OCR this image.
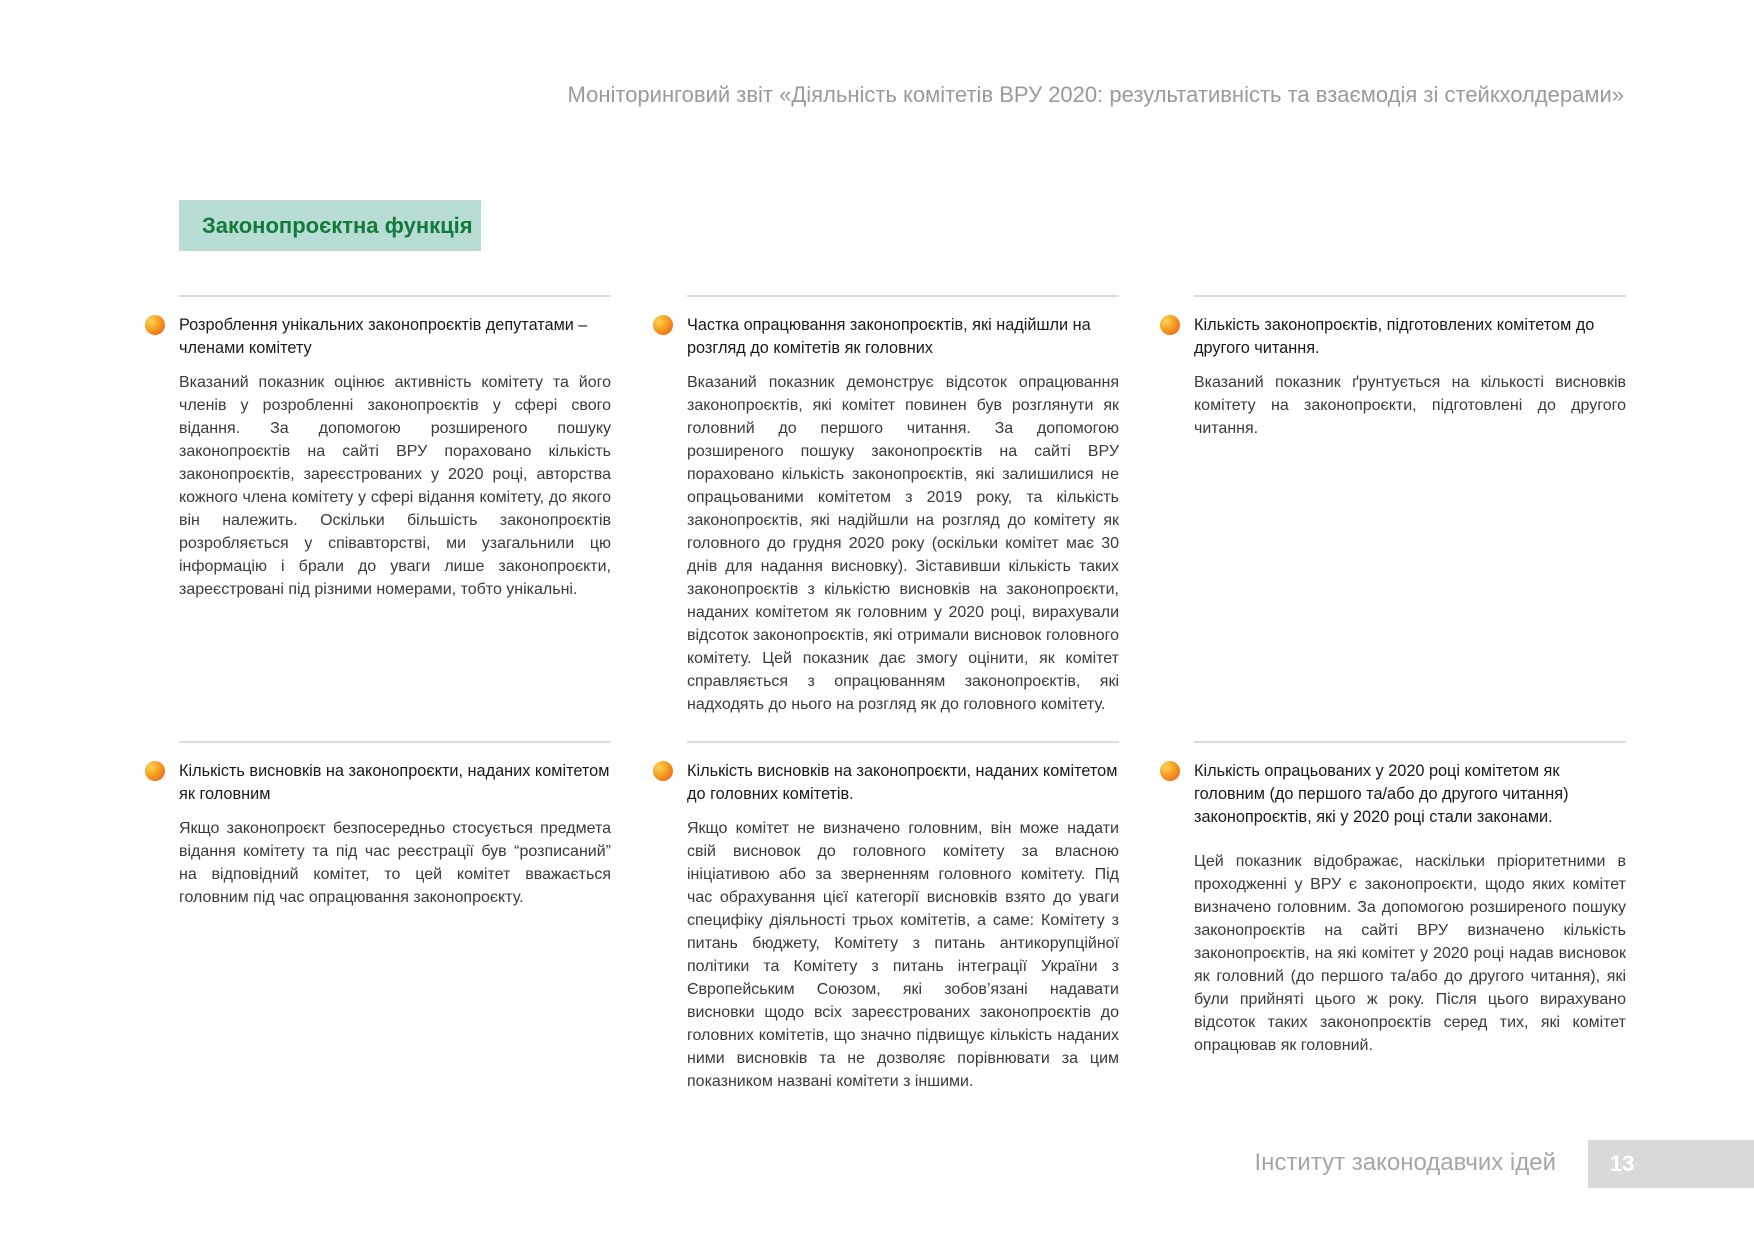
Моніторинговий звіт «Діяльність комітетів ВРУ 2020: результативність та взаємодія зі стейкхолдерами»
Законопроєктна функція

Розроблення унікальних законопроєктів депутатами – членами комітету

Вказаний показник оцінює активність комітету та його членів у розробленні законопроєктів у сфері свого відання. За допомогою розширеного пошуку законопроєктів на сайті ВРУ пораховано кількість законопроєктів, зареєстрованих у 2020 році, авторства кожного члена комітету у сфері відання комітету, до якого він належить. Оскільки більшість законопроєктів розробляється у співавторстві, ми узагальнили цю інформацію і брали до уваги лише законопроєкти, зареєстровані під різними номерами, тобто унікальні.

Частка опрацювання законопроєктів, які надійшли на розгляд до комітетів як головних

Вказаний показник демонструє відсоток опрацювання законопроєктів, які комітет повинен був розглянути як головний до першого читання. За допомогою розширеного пошуку законопроєктів на сайті ВРУ пораховано кількість законопроєктів, які залишилися не опрацьованими комітетом з 2019 року, та кількість законопроєктів, які надійшли на розгляд до комітету як головного до грудня 2020 року (оскільки комітет має 30 днів для надання висновку). Зіставивши кількість таких законопроєктів з кількістю висновків на законопроєкти, наданих комітетом як головним у 2020 році, вирахували відсоток законопроєктів, які отримали висновок головного комітету. Цей показник дає змогу оцінити, як комітет справляється з опрацюванням законопроєктів, які надходять до нього на розгляд як до головного комітету.

Кількість законопроєктів, підготовлених комітетом до другого читання.

Вказаний показник ґрунтується на кількості висновків комітету на законопроєкти, підготовлені до другого читання.

Кількість висновків на законопроєкти, наданих комітетом як головним

Якщо законопроєкт безпосередньо стосується предмета відання комітету та під час реєстрації був “розписаний” на відповідний комітет, то цей комітет вважається головним під час опрацювання законопроєкту.

Кількість висновків на законопроєкти, наданих комітетом до головних комітетів.

Якщо комітет не визначено головним, він може надати свій висновок до головного комітету за власною ініціативою або за зверненням головного комітету. Під час обрахування цієї категорії висновків взято до уваги специфіку діяльності трьох комітетів, а саме: Комітету з питань бюджету, Комітету з питань антикорупційної політики та Комітету з питань інтеграції України з Європейським Союзом, які зобов’язані надавати висновки щодо всіх зареєстрованих законопроєктів до головних комітетів, що значно підвищує кількість наданих ними висновків та не дозволяє порівнювати за цим показником названі комітети з іншими.

Кількість опрацьованих у 2020 році комітетом як головним (до першого та/або до другого читання) законопроєктів, які у 2020 році стали законами.

Цей показник відображає, наскільки пріоритетними в проходженні у ВРУ є законопроєкти, щодо яких комітет визначено головним. За допомогою розширеного пошуку законопроєктів на сайті ВРУ визначено кількість законопроєктів, на які комітет у 2020 році надав висновок як головний (до першого та/або до другого читання), які були прийняті цього ж року. Після цього вирахувано відсоток таких законопроєктів серед тих, які комітет опрацював як головний.

Інститут законодавчих ідей 13
